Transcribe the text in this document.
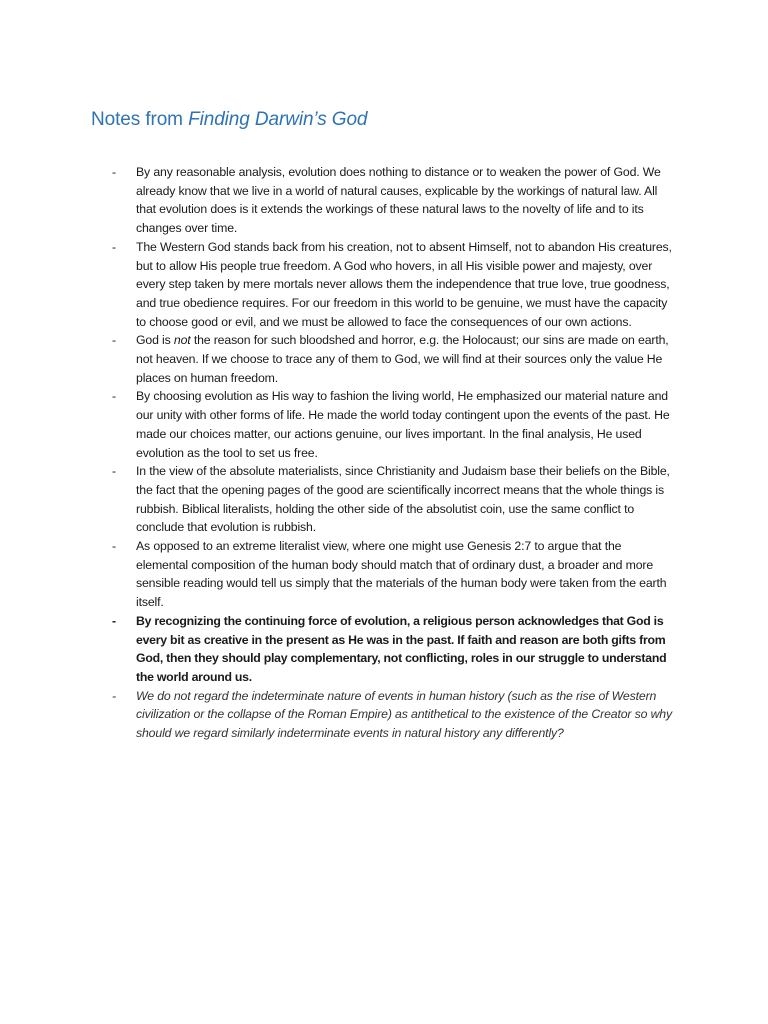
Notes from Finding Darwin’s God
-	By any reasonable analysis, evolution does nothing to distance or to weaken the power of God. We already know that we live in a world of natural causes, explicable by the workings of natural law. All that evolution does is it extends the workings of these natural laws to the novelty of life and to its changes over time.
-	The Western God stands back from his creation, not to absent Himself, not to abandon His creatures, but to allow His people true freedom. A God who hovers, in all His visible power and majesty, over every step taken by mere mortals never allows them the independence that true love, true goodness, and true obedience requires. For our freedom in this world to be genuine, we must have the capacity to choose good or evil, and we must be allowed to face the consequences of our own actions.
-	God is not the reason for such bloodshed and horror, e.g. the Holocaust; our sins are made on earth, not heaven. If we choose to trace any of them to God, we will find at their sources only the value He places on human freedom.
-	By choosing evolution as His way to fashion the living world, He emphasized our material nature and our unity with other forms of life. He made the world today contingent upon the events of the past. He made our choices matter, our actions genuine, our lives important. In the final analysis, He used evolution as the tool to set us free.
-	In the view of the absolute materialists, since Christianity and Judaism base their beliefs on the Bible, the fact that the opening pages of the good are scientifically incorrect means that the whole things is rubbish. Biblical literalists, holding the other side of the absolutist coin, use the same conflict to conclude that evolution is rubbish.
-	As opposed to an extreme literalist view, where one might use Genesis 2:7 to argue that the elemental composition of the human body should match that of ordinary dust, a broader and more sensible reading would tell us simply that the materials of the human body were taken from the earth itself.
-	By recognizing the continuing force of evolution, a religious person acknowledges that God is every bit as creative in the present as He was in the past. If faith and reason are both gifts from God, then they should play complementary, not conflicting, roles in our struggle to understand the world around us.
-	We do not regard the indeterminate nature of events in human history (such as the rise of Western civilization or the collapse of the Roman Empire) as antithetical to the existence of the Creator so why should we regard similarly indeterminate events in natural history any differently?
